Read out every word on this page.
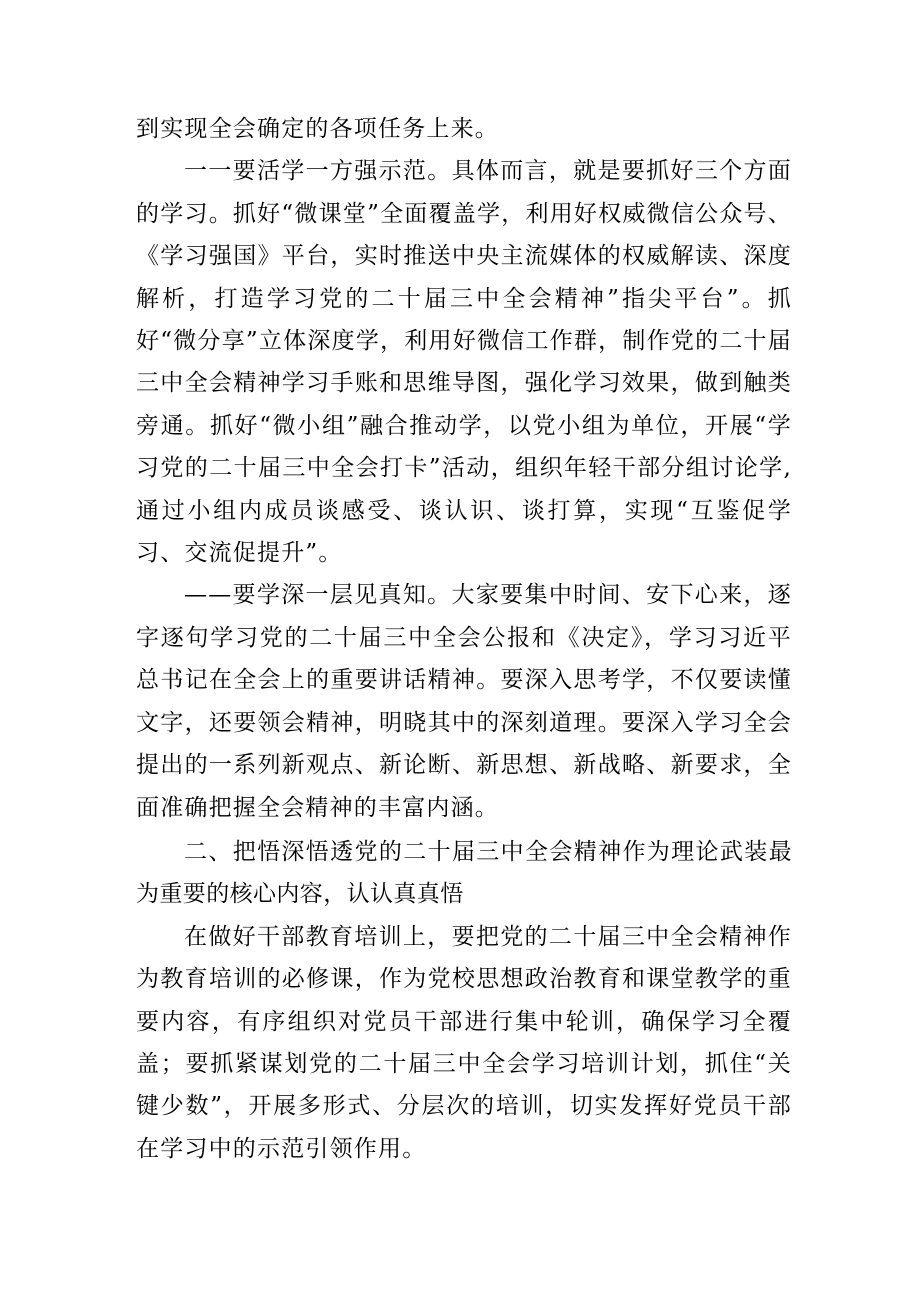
到实现全会确定的各项任务上来。

一一要活学一方强示范。具体而言，就是要抓好三个方面的学习。抓好“微课堂”全面覆盖学，利用好权威微信公众号、《学习强国》平台，实时推送中央主流媒体的权威解读、深度解析，打造学习党的二十届三中全会精神”指尖平台”。抓好“微分享”立体深度学，利用好微信工作群，制作党的二十届三中全会精神学习手账和思维导图，强化学习效果，做到触类旁通。抓好“微小组”融合推动学，以党小组为单位，开展“学习党的二十届三中全会打卡”活动，组织年轻干部分组讨论学,通过小组内成员谈感受、谈认识、谈打算，实现“互鉴促学习、交流促提升”。

——要学深一层见真知。大家要集中时间、安下心来，逐字逐句学习党的二十届三中全会公报和《决定》，学习习近平总书记在全会上的重要讲话精神。要深入思考学，不仅要读懂文字，还要领会精神，明晓其中的深刻道理。要深入学习全会提出的一系列新观点、新论断、新思想、新战略、新要求，全面准确把握全会精神的丰富内涵。

二、把悟深悟透党的二十届三中全会精神作为理论武装最为重要的核心内容，认认真真悟

在做好干部教育培训上，要把党的二十届三中全会精神作为教育培训的必修课，作为党校思想政治教育和课堂教学的重要内容，有序组织对党员干部进行集中轮训，确保学习全覆盖；要抓紧谋划党的二十届三中全会学习培训计划，抓住“关键少数”，开展多形式、分层次的培训，切实发挥好党员干部在学习中的示范引领作用。
